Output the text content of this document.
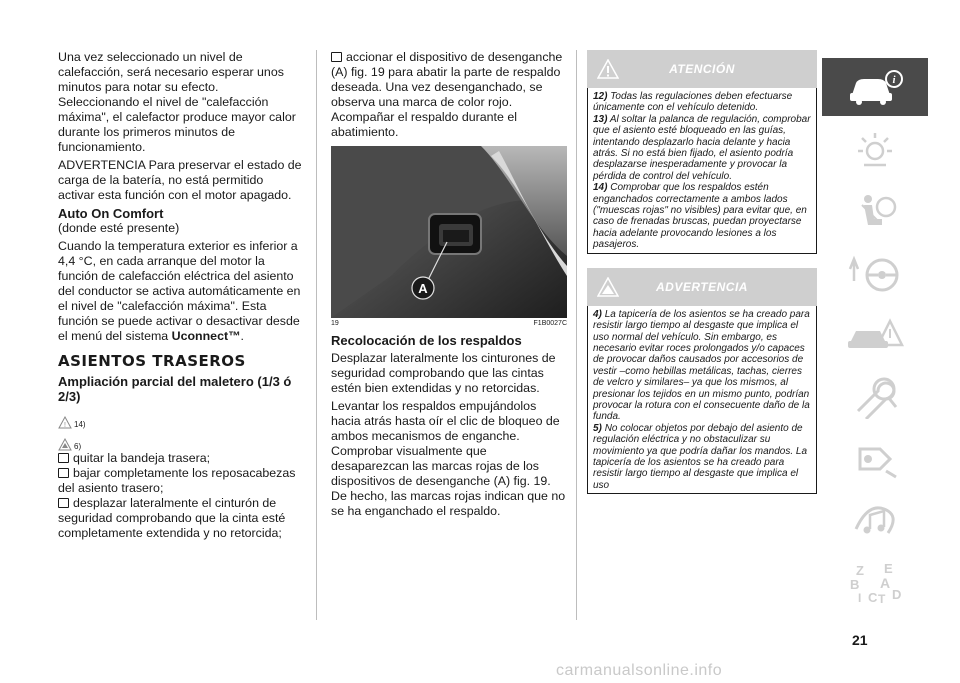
Una vez seleccionado un nivel de calefacción, será necesario esperar unos minutos para notar su efecto. Seleccionando el nivel de "calefacción máxima", el calefactor produce mayor calor durante los primeros minutos de funcionamiento.

ADVERTENCIA Para preservar el estado de carga de la batería, no está permitido activar esta función con el motor apagado.

Auto On Comfort

(donde esté presente)

Cuando la temperatura exterior es inferior a 4,4 °C, en cada arranque del motor la función de calefacción eléctrica del asiento del conductor se activa automáticamente en el nivel de "calefacción máxima". Esta función se puede activar o desactivar desde el menú del sistema Uconnect™.

ASIENTOS TRASEROS
Ampliación parcial del maletero (1/3 ó 2/3)
! 14)
6)

quitar la bandeja trasera;

bajar completamente los reposacabezas del asiento trasero;

desplazar lateralmente el cinturón de seguridad comprobando que la cinta esté completamente extendida y no retorcida;

accionar el dispositivo de desenganche (A) fig. 19 para abatir la parte de respaldo deseada. Una vez desenganchado, se observa una marca de color rojo. Acompañar el respaldo durante el abatimiento.

A
19	F1B0027C
Recolocación de los respaldos

Desplazar lateralmente los cinturones de seguridad comprobando que las cintas estén bien extendidas y no retorcidas.

Levantar los respaldos empujándolos hacia atrás hasta oír el clic de bloqueo de ambos mecanismos de enganche. Comprobar visualmente que desaparezcan las marcas rojas de los dispositivos de desenganche (A) fig. 19. De hecho, las marcas rojas indican que no se ha enganchado el respaldo.

ATENCIÓN

12) Todas las regulaciones deben efectuarse únicamente con el vehículo detenido.

13) Al soltar la palanca de regulación, comprobar que el asiento esté bloqueado en las guías, intentando desplazarlo hacia delante y hacia atrás. Si no está bien fijado, el asiento podría desplazarse inesperadamente y provocar la pérdida de control del vehículo.

14) Comprobar que los respaldos estén enganchados correctamente a ambos lados ("muescas rojas" no visibles) para evitar que, en caso de frenadas bruscas, puedan proyectarse hacia adelante provocando lesiones a los pasajeros.

ADVERTENCIA

4) La tapicería de los asientos se ha creado para resistir largo tiempo al desgaste que implica el uso normal del vehículo. Sin embargo, es necesario evitar roces prolongados y/o capaces de provocar daños causados por accesorios de vestir –como hebillas metálicas, tachas, cierres de velcro y similares– ya que los mismos, al presionar los tejidos en un mismo punto, podrían provocar la rotura con el consecuente daño de la funda.

5) No colocar objetos por debajo del asiento de regulación eléctrica y no obstaculizar su movimiento ya que podría dañar los mandos. La tapicería de los asientos se ha creado para resistir largo tiempo al desgaste que implica el uso

i
Z E
B A
I C T D
21
carmanualsonline.info
